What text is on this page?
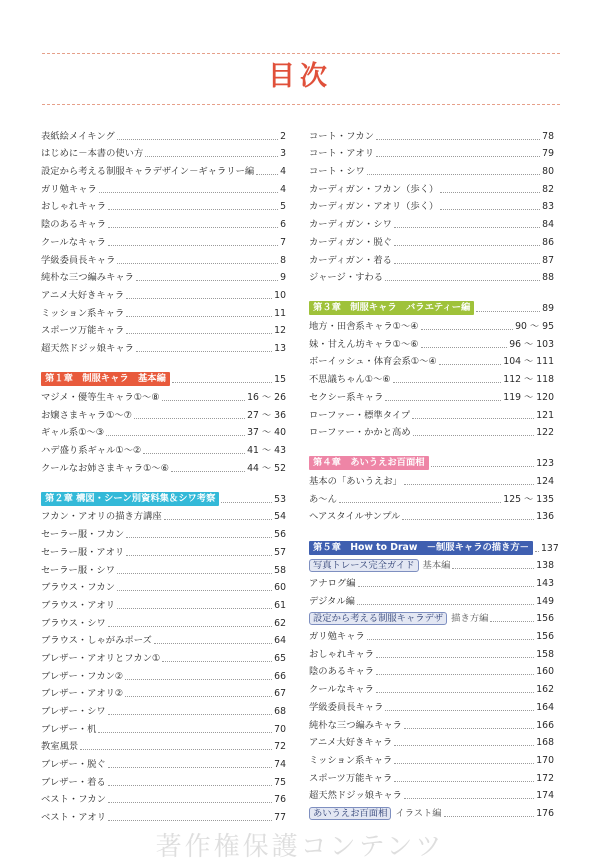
目次
表紙絵メイキング	2
はじめに－本書の使い方	3
設定から考える制服キャラデザイン－ギャラリー編	4
ガリ勉キャラ	4
おしゃれキャラ	5
陰のあるキャラ	6
クールなキャラ	7
学級委員長キャラ	8
純朴な三つ編みキャラ	9
アニメ大好きキャラ	10
ミッション系キャラ	11
スポーツ万能キャラ	12
超天然ドジッ娘キャラ	13
第１章　制服キャラ　基本編	15
マジメ・優等生キャラ①～⑧	16 ～ 26
お嬢さまキャラ①～⑦	27 ～ 36
ギャル系①～③	37 ～ 40
ハデ盛り系ギャル①～②	41 ～ 43
クールなお姉さまキャラ①～⑥	44 ～ 52
第２章 構図・シーン別資料集＆シワ考察	53
フカン・アオリの描き方講座	54
セーラー服・フカン	56
セーラー服・アオリ	57
セーラー服・シワ	58
ブラウス・フカン	60
ブラウス・アオリ	61
ブラウス・シワ	62
ブラウス・しゃがみポーズ	64
ブレザー・アオリとフカン①	65
ブレザー・フカン②	66
ブレザー・アオリ②	67
ブレザー・シワ	68
ブレザー・机	70
教室風景	72
ブレザー・脱ぐ	74
ブレザー・着る	75
ベスト・フカン	76
ベスト・アオリ	77
コート・フカン	78
コート・アオリ	79
コート・シワ	80
カーディガン・フカン（歩く）	82
カーディガン・アオリ（歩く）	83
カーディガン・シワ	84
カーディガン・脱ぐ	86
カーディガン・着る	87
ジャージ・すわる	88
第３章　制服キャラ　バラエティー編	89
地方・田舎系キャラ①～④	90 ～ 95
妹・甘えん坊キャラ①～⑥	96 ～ 103
ボーイッシュ・体育会系①～④	104 ～ 111
不思議ちゃん①～⑥	112 ～ 118
セクシー系キャラ	119 ～ 120
ローファー・標準タイプ	121
ローファー・かかと高め	122
第４章　あいうえお百面相	123
基本の「あいうえお」	124
あ～ん	125 ～ 135
ヘアスタイルサンプル	136
第５章　How to Draw　－制服キャラの描き方－	137
写真トレース完全ガイド 基本編	138
アナログ編	143
デジタル編	149
設定から考える制服キャラデザ 描き方編	156
ガリ勉キャラ	156
おしゃれキャラ	158
陰のあるキャラ	160
クールなキャラ	162
学級委員長キャラ	164
純朴な三つ編みキャラ	166
アニメ大好きキャラ	168
ミッション系キャラ	170
スポーツ万能キャラ	172
超天然ドジッ娘キャラ	174
あいうえお百面相 イラスト編	176
著作権保護コンテンツ
